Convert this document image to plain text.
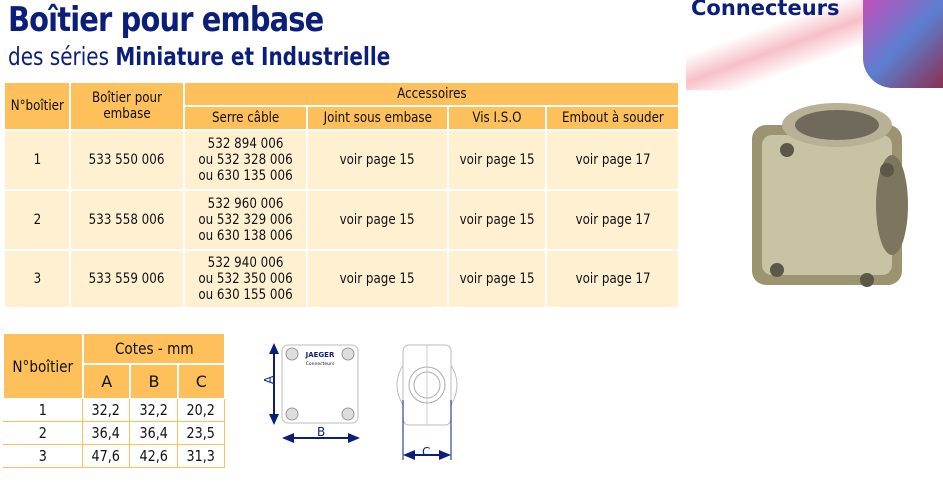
Boîtier pour embase
des séries Miniature et Industrielle
Connecteurs
N°boîtier	Boîtier pour embase	Accessoires			
		Serre câble	Joint sous embase	Vis I.S.O	Embout à souder
1	533 550 006	532 894 006
ou 532 328 006
ou 630 135 006	voir page 15	voir page 15	voir page 17
2	533 558 006	532 960 006
ou 532 329 006
ou 630 138 006	voir page 15	voir page 15	voir page 17
3	533 559 006	532 940 006
ou 532 350 006
ou 630 155 006	voir page 15	voir page 15	voir page 17
N°boîtier	Cotes - mm		
	A	B	C
1	32,2	32,2	20,2
2	36,4	36,4	23,5
3	47,6	42,6	31,3
JAEGER
Connecteurs
A
B
C
